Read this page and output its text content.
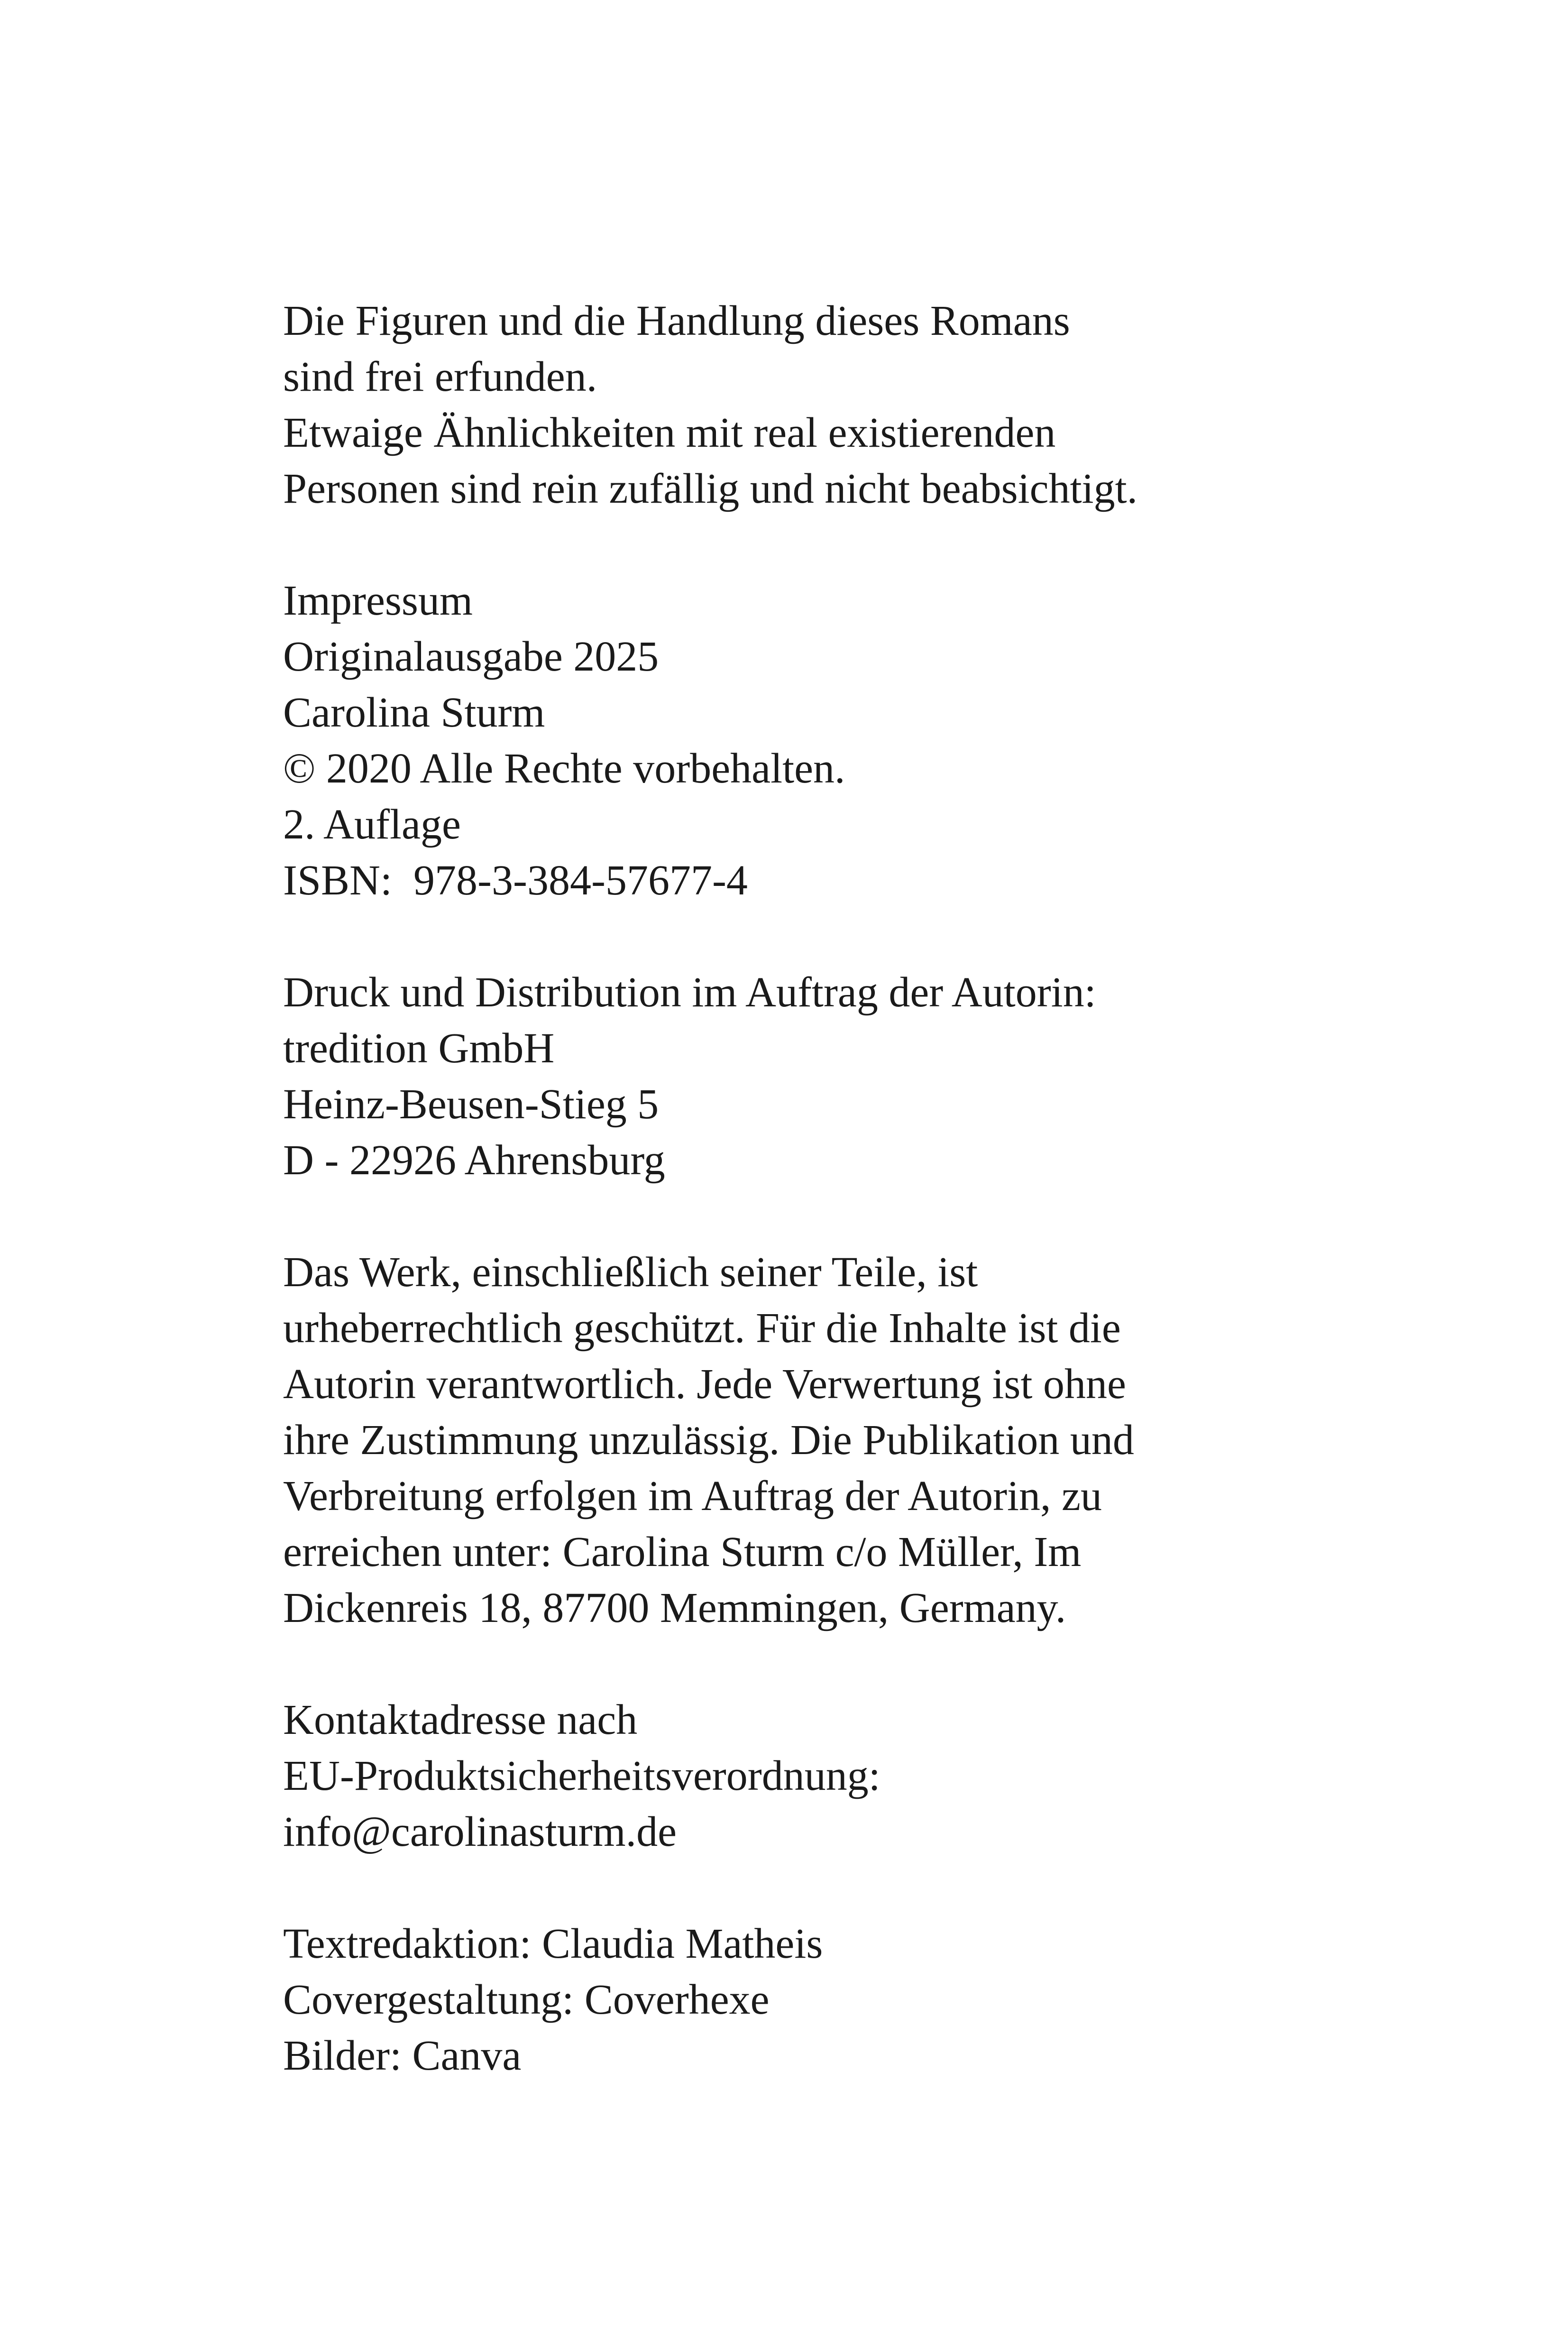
Die Figuren und die Handlung dieses Romans
sind frei erfunden.
Etwaige Ähnlichkeiten mit real existierenden
Personen sind rein zufällig und nicht beabsichtigt.
Impressum
Originalausgabe 2025
Carolina Sturm
© 2020 Alle Rechte vorbehalten.
2. Auflage
ISBN:  978-3-384-57677-4
Druck und Distribution im Auftrag der Autorin:
tredition GmbH
Heinz-Beusen-Stieg 5
D - 22926 Ahrensburg
Das Werk, einschließlich seiner Teile, ist
urheberrechtlich geschützt. Für die Inhalte ist die
Autorin verantwortlich. Jede Verwertung ist ohne
ihre Zustimmung unzulässig. Die Publikation und
Verbreitung erfolgen im Auftrag der Autorin, zu
erreichen unter: Carolina Sturm c/o Müller, Im
Dickenreis 18, 87700 Memmingen, Germany.
Kontaktadresse nach
EU-Produktsicherheitsverordnung:
info@carolinasturm.de
Textredaktion: Claudia Matheis
Covergestaltung: Coverhexe
Bilder: Canva
